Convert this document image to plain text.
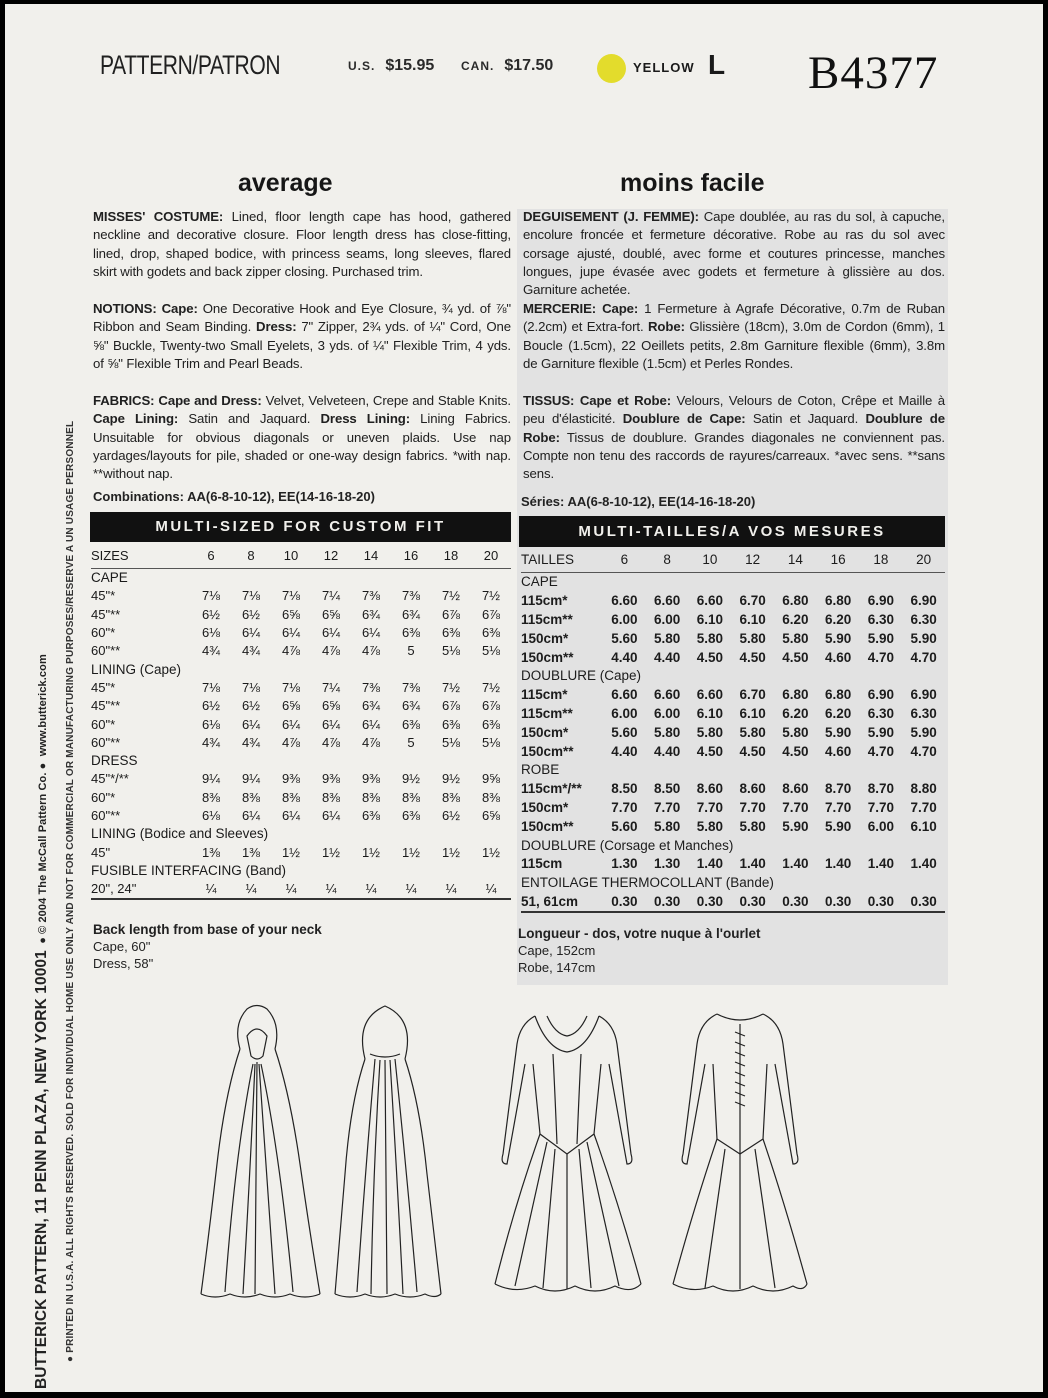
PATTERN/PATRON	U.S. $15.95 CAN. $17.50	YELLOW L B4377
average	moins facile
MISSES' COSTUME: Lined, floor length cape has hood, gathered neckline and decorative closure. Floor length dress has close-fitting, lined, drop, shaped bodice, with princess seams, long sleeves, flared skirt with godets and back zipper closing. Purchased trim.
NOTIONS: Cape: One Decorative Hook and Eye Closure, ¾ yd. of ⅞" Ribbon and Seam Binding. Dress: 7" Zipper, 2¾ yds. of ¼" Cord, One ⅝" Buckle, Twenty-two Small Eyelets, 3 yds. of ¼" Flexible Trim, 4 yds. of ⅝" Flexible Trim and Pearl Beads.
FABRICS: Cape and Dress: Velvet, Velveteen, Crepe and Stable Knits. Cape Lining: Satin and Jaquard. Dress Lining: Lining Fabrics. Unsuitable for obvious diagonals or uneven plaids. Use nap yardages/layouts for pile, shaded or one-way design fabrics. *with nap. **without nap.
Combinations: AA(6-8-10-12), EE(14-16-18-20)
MULTI-SIZED FOR CUSTOM FIT
DEGUISEMENT (J. FEMME): Cape doublée, au ras du sol, à capuche, encolure froncée et fermeture décorative. Robe au ras du sol avec corsage ajusté, doublé, avec forme et coutures princesse, manches longues, jupe évasée avec godets et fermeture à glissière au dos. Garniture achetée.
MERCERIE: Cape: 1 Fermeture à Agrafe Décorative, 0.7m de Ruban (2.2cm) et Extra-fort. Robe: Glissière (18cm), 3.0m de Cordon (6mm), 1 Boucle (1.5cm), 22 Oeillets petits, 2.8m Garniture flexible (6mm), 3.8m de Garniture flexible (1.5cm) et Perles Rondes.
TISSUS: Cape et Robe: Velours, Velours de Coton, Crêpe et Maille à peu d'élasticité. Doublure de Cape: Satin et Jaquard. Doublure de Robe: Tissus de doublure. Grandes diagonales ne conviennent pas. Compte non tenu des raccords de rayures/carreaux. *avec sens. **sans sens.
Séries: AA(6-8-10-12), EE(14-16-18-20)
MULTI-TAILLES/A VOS MESURES
SIZES	6	8	10	12	14	16	18	20
CAPE								
45"*	7⅛	7⅛	7⅛	7¼	7⅜	7⅜	7½	7½
45"**	6½	6½	6⅝	6⅝	6¾	6¾	6⅞	6⅞
60"*	6⅛	6¼	6¼	6¼	6¼	6⅜	6⅜	6⅜
60"**	4¾	4¾	4⅞	4⅞	4⅞	5	5⅛	5⅛
LINING (Cape)								
45"*	7⅛	7⅛	7⅛	7¼	7⅜	7⅜	7½	7½
45"**	6½	6½	6⅝	6⅝	6¾	6¾	6⅞	6⅞
60"*	6⅛	6¼	6¼	6¼	6¼	6⅜	6⅜	6⅜
60"**	4¾	4¾	4⅞	4⅞	4⅞	5	5⅛	5⅛
DRESS								
45"*/**	9¼	9¼	9⅜	9⅜	9⅜	9½	9½	9⅝
60"*	8⅜	8⅜	8⅜	8⅜	8⅜	8⅜	8⅜	8⅜
60"**	6⅛	6¼	6¼	6¼	6⅜	6⅜	6½	6⅝
LINING (Bodice and Sleeves)								
45"	1⅜	1⅜	1½	1½	1½	1½	1½	1½
FUSIBLE INTERFACING (Band)								
20", 24"	¼	¼	¼	¼	¼	¼	¼	¼
TAILLES	6	8	10	12	14	16	18	20
CAPE								
115cm*	6.60	6.60	6.60	6.70	6.80	6.80	6.90	6.90
115cm**	6.00	6.00	6.10	6.10	6.20	6.20	6.30	6.30
150cm*	5.60	5.80	5.80	5.80	5.80	5.90	5.90	5.90
150cm**	4.40	4.40	4.50	4.50	4.50	4.60	4.70	4.70
DOUBLURE (Cape)								
115cm*	6.60	6.60	6.60	6.70	6.80	6.80	6.90	6.90
115cm**	6.00	6.00	6.10	6.10	6.20	6.20	6.30	6.30
150cm*	5.60	5.80	5.80	5.80	5.80	5.90	5.90	5.90
150cm**	4.40	4.40	4.50	4.50	4.50	4.60	4.70	4.70
ROBE								
115cm*/**	8.50	8.50	8.60	8.60	8.60	8.70	8.70	8.80
150cm*	7.70	7.70	7.70	7.70	7.70	7.70	7.70	7.70
150cm**	5.60	5.80	5.80	5.80	5.90	5.90	6.00	6.10
DOUBLURE (Corsage et Manches)								
115cm	1.30	1.30	1.40	1.40	1.40	1.40	1.40	1.40
ENTOILAGE THERMOCOLLANT (Bande)								
51, 61cm	0.30	0.30	0.30	0.30	0.30	0.30	0.30	0.30
Back length from base of your neck
Cape, 60"
Dress, 58"
Longueur - dos, votre nuque à l'ourlet
Cape, 152cm
Robe, 147cm
BUTTERICK PATTERN, 11 PENN PLAZA, NEW YORK 10001  ● © 2004 The McCall Pattern Co. ●  www.butterick.com ● PRINTED IN U.S.A. ALL RIGHTS RESERVED. SOLD FOR INDIVIDUAL HOME USE ONLY AND NOT FOR COMMERCIAL OR MANUFACTURING PURPOSES/RESERVE A UN USAGE PERSONNEL
